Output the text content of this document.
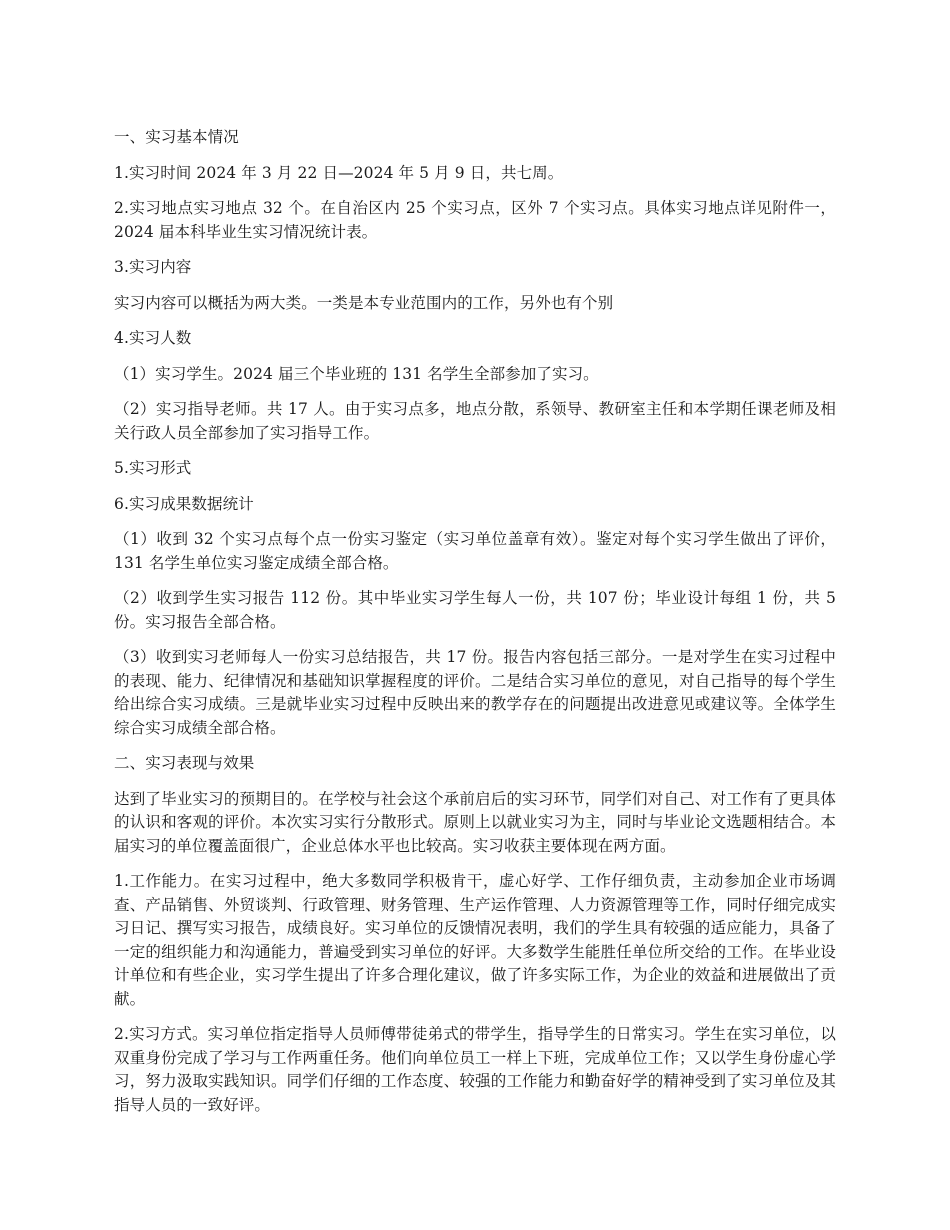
一、实习基本情况

1.实习时间 2024 年 3 月 22 日—2024 年 5 月 9 日，共七周。

2.实习地点实习地点 32 个。在自治区内 25 个实习点，区外 7 个实习点。具体实习地点详见附件一，2024 届本科毕业生实习情况统计表。

3.实习内容

实习内容可以概括为两大类。一类是本专业范围内的工作，另外也有个别

4.实习人数

（1）实习学生。2024 届三个毕业班的 131 名学生全部参加了实习。

（2）实习指导老师。共 17 人。由于实习点多，地点分散，系领导、教研室主任和本学期任课老师及相关行政人员全部参加了实习指导工作。

5.实习形式

6.实习成果数据统计

（1）收到 32 个实习点每个点一份实习鉴定（实习单位盖章有效）。鉴定对每个实习学生做出了评价，131 名学生单位实习鉴定成绩全部合格。

（2）收到学生实习报告 112 份。其中毕业实习学生每人一份，共 107 份；毕业设计每组 1 份，共 5 份。实习报告全部合格。

（3）收到实习老师每人一份实习总结报告，共 17 份。报告内容包括三部分。一是对学生在实习过程中的表现、能力、纪律情况和基础知识掌握程度的评价。二是结合实习单位的意见，对自己指导的每个学生给出综合实习成绩。三是就毕业实习过程中反映出来的教学存在的问题提出改进意见或建议等。全体学生综合实习成绩全部合格。

二、实习表现与效果

达到了毕业实习的预期目的。在学校与社会这个承前启后的实习环节，同学们对自己、对工作有了更具体的认识和客观的评价。本次实习实行分散形式。原则上以就业实习为主，同时与毕业论文选题相结合。本届实习的单位覆盖面很广，企业总体水平也比较高。实习收获主要体现在两方面。

1.工作能力。在实习过程中，绝大多数同学积极肯干，虚心好学、工作仔细负责，主动参加企业市场调查、产品销售、外贸谈判、行政管理、财务管理、生产运作管理、人力资源管理等工作，同时仔细完成实习日记、撰写实习报告，成绩良好。实习单位的反馈情况表明，我们的学生具有较强的适应能力，具备了一定的组织能力和沟通能力，普遍受到实习单位的好评。大多数学生能胜任单位所交给的工作。在毕业设计单位和有些企业，实习学生提出了许多合理化建议，做了许多实际工作，为企业的效益和进展做出了贡献。

2.实习方式。实习单位指定指导人员师傅带徒弟式的带学生，指导学生的日常实习。学生在实习单位，以双重身份完成了学习与工作两重任务。他们向单位员工一样上下班，完成单位工作；又以学生身份虚心学习，努力汲取实践知识。同学们仔细的工作态度、较强的工作能力和勤奋好学的精神受到了实习单位及其指导人员的一致好评。
